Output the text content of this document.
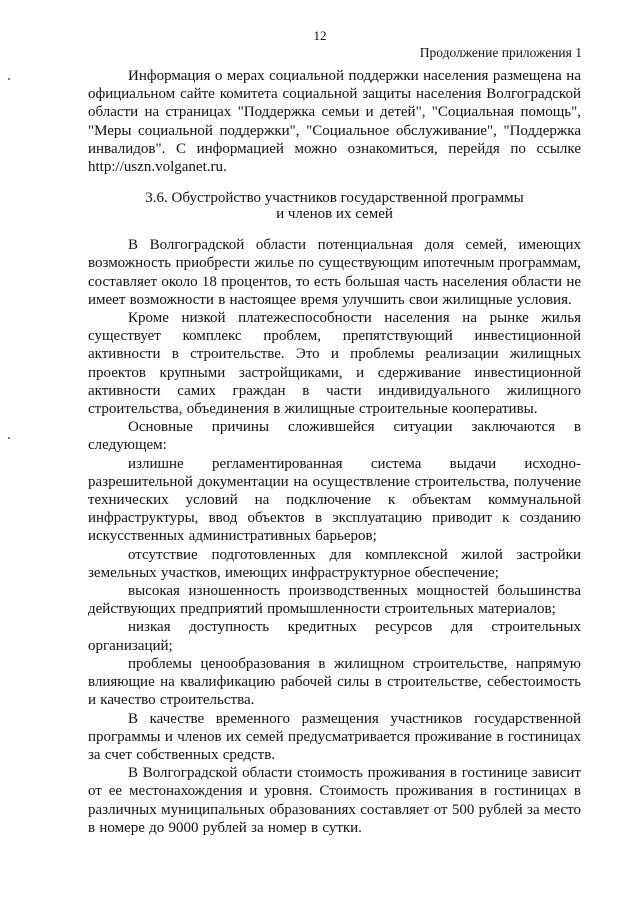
12
Продолжение приложения 1

Информация о мерах социальной поддержки населения размещена на официальном сайте комитета социальной защиты населения Волгоградской области на страницах "Поддержка семьи и детей", "Социальная помощь", "Меры социальной поддержки", "Социальное обслуживание", "Поддержка инвалидов". С информацией можно ознакомиться, перейдя по ссылке http://uszn.volganet.ru.

3.6. Обустройство участников государственной программы
и членов их семей

В Волгоградской области потенциальная доля семей, имеющих возможность приобрести жилье по существующим ипотечным программам, составляет около 18 процентов, то есть большая часть населения области не имеет возможности в настоящее время улучшить свои жилищные условия.

Кроме низкой платежеспособности населения на рынке жилья существует комплекс проблем, препятствующий инвестиционной активности в строительстве. Это и проблемы реализации жилищных проектов крупными застройщиками, и сдерживание инвестиционной активности самих граждан в части индивидуального жилищного строительства, объединения в жилищные строительные кооперативы.

Основные причины сложившейся ситуации заключаются в следующем:

излишне регламентированная система выдачи исходно-разрешительной документации на осуществление строительства, получение технических условий на подключение к объектам коммунальной инфраструктуры, ввод объектов в эксплуатацию приводит к созданию искусственных административных барьеров;

отсутствие подготовленных для комплексной жилой застройки земельных участков, имеющих инфраструктурное обеспечение;

высокая изношенность производственных мощностей большинства действующих предприятий промышленности строительных материалов;

низкая доступность кредитных ресурсов для строительных организаций;

проблемы ценообразования в жилищном строительстве, напрямую влияющие на квалификацию рабочей силы в строительстве, себестоимость и качество строительства.

В качестве временного размещения участников государственной программы и членов их семей предусматривается проживание в гостиницах за счет собственных средств.

В Волгоградской области стоимость проживания в гостинице зависит от ее местонахождения и уровня. Стоимость проживания в гостиницах в различных муниципальных образованиях составляет от 500 рублей за место в номере до 9000 рублей за номер в сутки.
